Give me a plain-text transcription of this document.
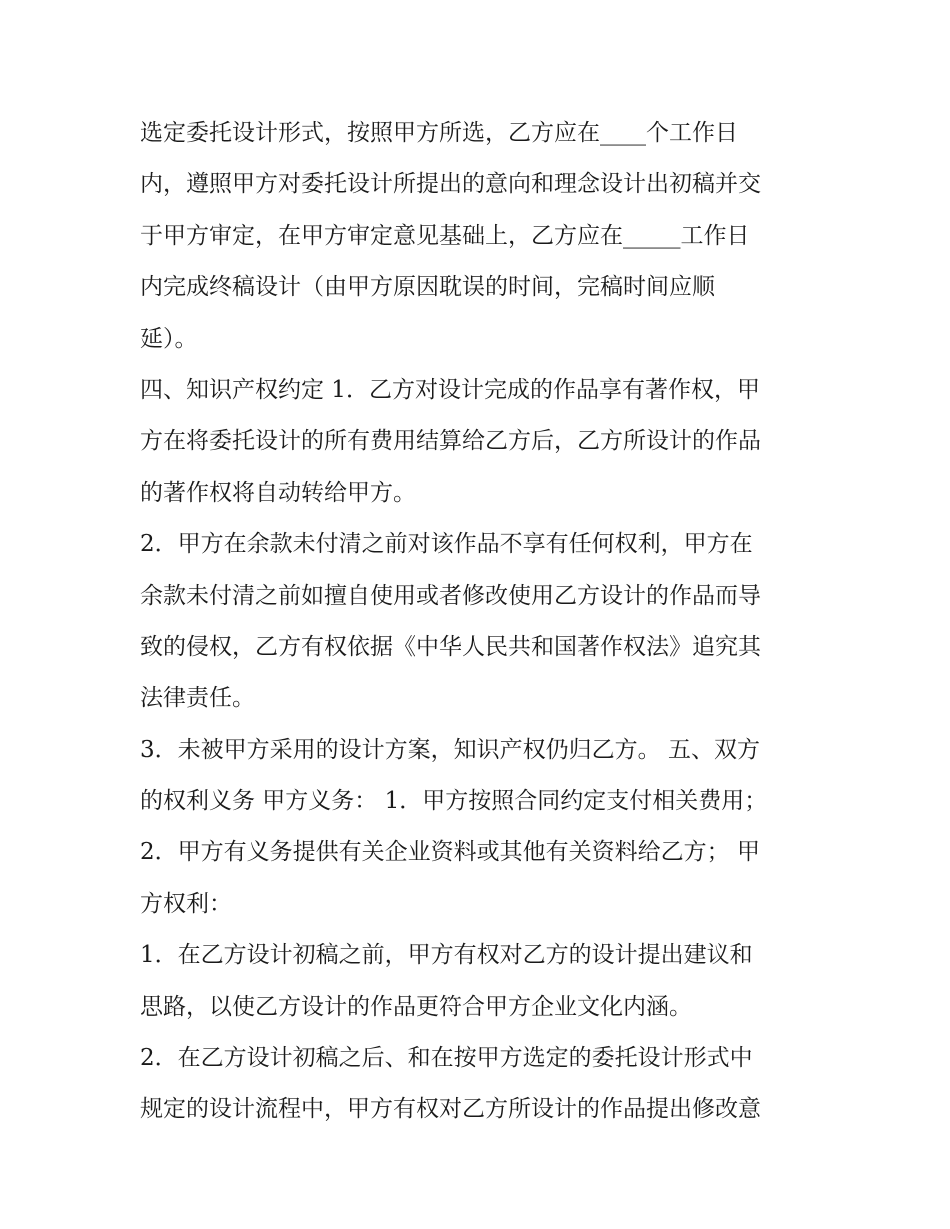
选定委托设计形式，按照甲方所选，乙方应在____个工作日
内，遵照甲方对委托设计所提出的意向和理念设计出初稿并交
于甲方审定，在甲方审定意见基础上，乙方应在_____工作日
内完成终稿设计（由甲方原因耽误的时间，完稿时间应顺
延）。
四、知识产权约定 1．乙方对设计完成的作品享有著作权，甲
方在将委托设计的所有费用结算给乙方后，乙方所设计的作品
的著作权将自动转给甲方。
2．甲方在余款未付清之前对该作品不享有任何权利，甲方在
余款未付清之前如擅自使用或者修改使用乙方设计的作品而导
致的侵权，乙方有权依据《中华人民共和国著作权法》追究其
法律责任。
3．未被甲方采用的设计方案，知识产权仍归乙方。 五、双方
的权利义务 甲方义务： 1．甲方按照合同约定支付相关费用；
2．甲方有义务提供有关企业资料或其他有关资料给乙方； 甲
方权利：
1．在乙方设计初稿之前，甲方有权对乙方的设计提出建议和
思路，以使乙方设计的作品更符合甲方企业文化内涵。
2．在乙方设计初稿之后、和在按甲方选定的委托设计形式中
规定的设计流程中，甲方有权对乙方所设计的作品提出修改意
